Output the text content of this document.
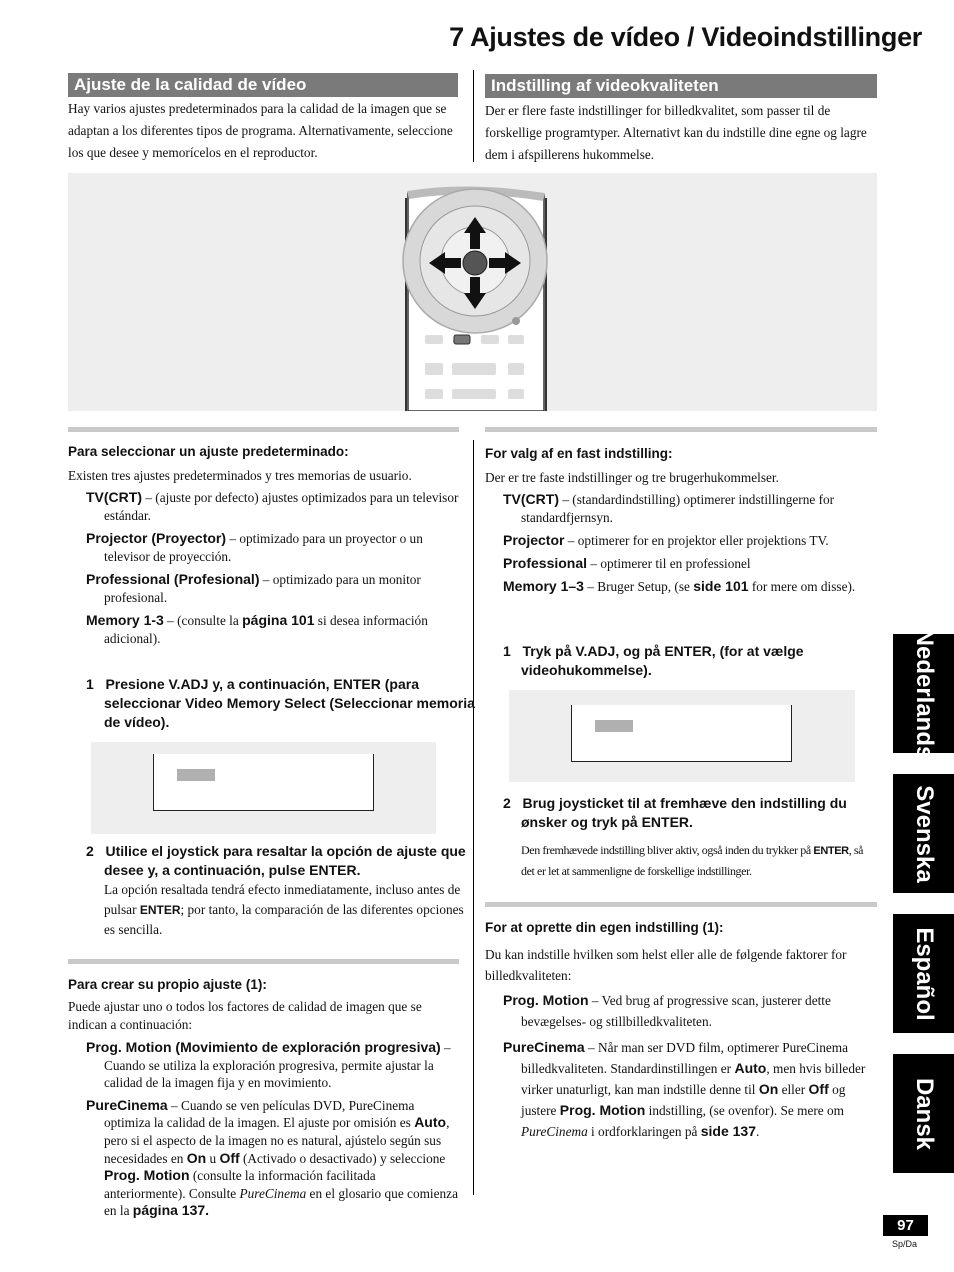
7 Ajustes de vídeo / Videoindstillinger
Ajuste de la calidad de vídeo
Hay varios ajustes predeterminados para la calidad de la imagen que se adaptan a los diferentes tipos de programa. Alternativamente, seleccione los que desee y memorícelos en el reproductor.
Indstilling af videokvaliteten
Der er flere faste indstillinger for billedkvalitet, som passer til de forskellige programtyper. Alternativt kan du indstille dine egne og lagre dem i afspillerens hukommelse.
Para seleccionar un ajuste predeterminado:
Existen tres ajustes predeterminados y tres memorias de usuario.

TV(CRT) – (ajuste por defecto) ajustes optimizados para un televisor estándar.

Projector (Proyector) – optimizado para un proyector o un televisor de proyección.

Professional (Profesional) – optimizado para un monitor profesional.

Memory 1-3 – (consulte la página 101 si desea información adicional).

1   Presione V.ADJ y, a continuación, ENTER (para seleccionar Video Memory Select (Seleccionar memoria de vídeo).
2   Utilice el joystick para resaltar la opción de ajuste que desee y, a continuación, pulse ENTER.
La opción resaltada tendrá efecto inmediatamente, incluso antes de pulsar ENTER; por tanto, la comparación de las diferentes opciones es sencilla.
Para crear su propio ajuste (1):
Puede ajustar uno o todos los factores de calidad de imagen que se indican a continuación:

Prog. Motion (Movimiento de exploración progresiva) – Cuando se utiliza la exploración progresiva, permite ajustar la calidad de la imagen fija y en movimiento.

PureCinema – Cuando se ven películas DVD, PureCinema optimiza la calidad de la imagen. El ajuste por omisión es Auto, pero si el aspecto de la imagen no es natural, ajústelo según sus necesidades en On u Off (Activado o desactivado) y seleccione Prog. Motion (consulte la información facilitada anteriormente). Consulte PureCinema en el glosario que comienza en la página 137.

For valg af en fast indstilling:
Der er tre faste indstillinger og tre brugerhukommelser.

TV(CRT) – (standardindstilling) optimerer indstillingerne for standardfjernsyn.

Projector – optimerer for en projektor eller projektions TV.

Professional – optimerer til en professionel

Memory 1–3 – Bruger Setup, (se side 101 for mere om disse).

1   Tryk på V.ADJ, og på ENTER, (for at vælge videohukommelse).
2   Brug joysticket til at fremhæve den indstilling du ønsker og tryk på ENTER.
Den fremhævede indstilling bliver aktiv, også inden du trykker på ENTER, så det er let at sammenligne de forskellige indstillinger.
For at oprette din egen indstilling (1):
Du kan indstille hvilken som helst eller alle de følgende faktorer for billedkvaliteten:

Prog. Motion – Ved brug af progressive scan, justerer dette bevægelses- og stillbilledkvaliteten.

PureCinema – Når man ser DVD film, optimerer PureCinema billedkvaliteten. Standardinstillingen er Auto, men hvis billeder virker unaturligt, kan man indstille denne til On eller Off og justere Prog. Motion indstilling, (se ovenfor). Se mere om PureCinema i ordforklaringen på side 137.

Nederlands
Svenska
Español
Dansk
97
Sp/Da
